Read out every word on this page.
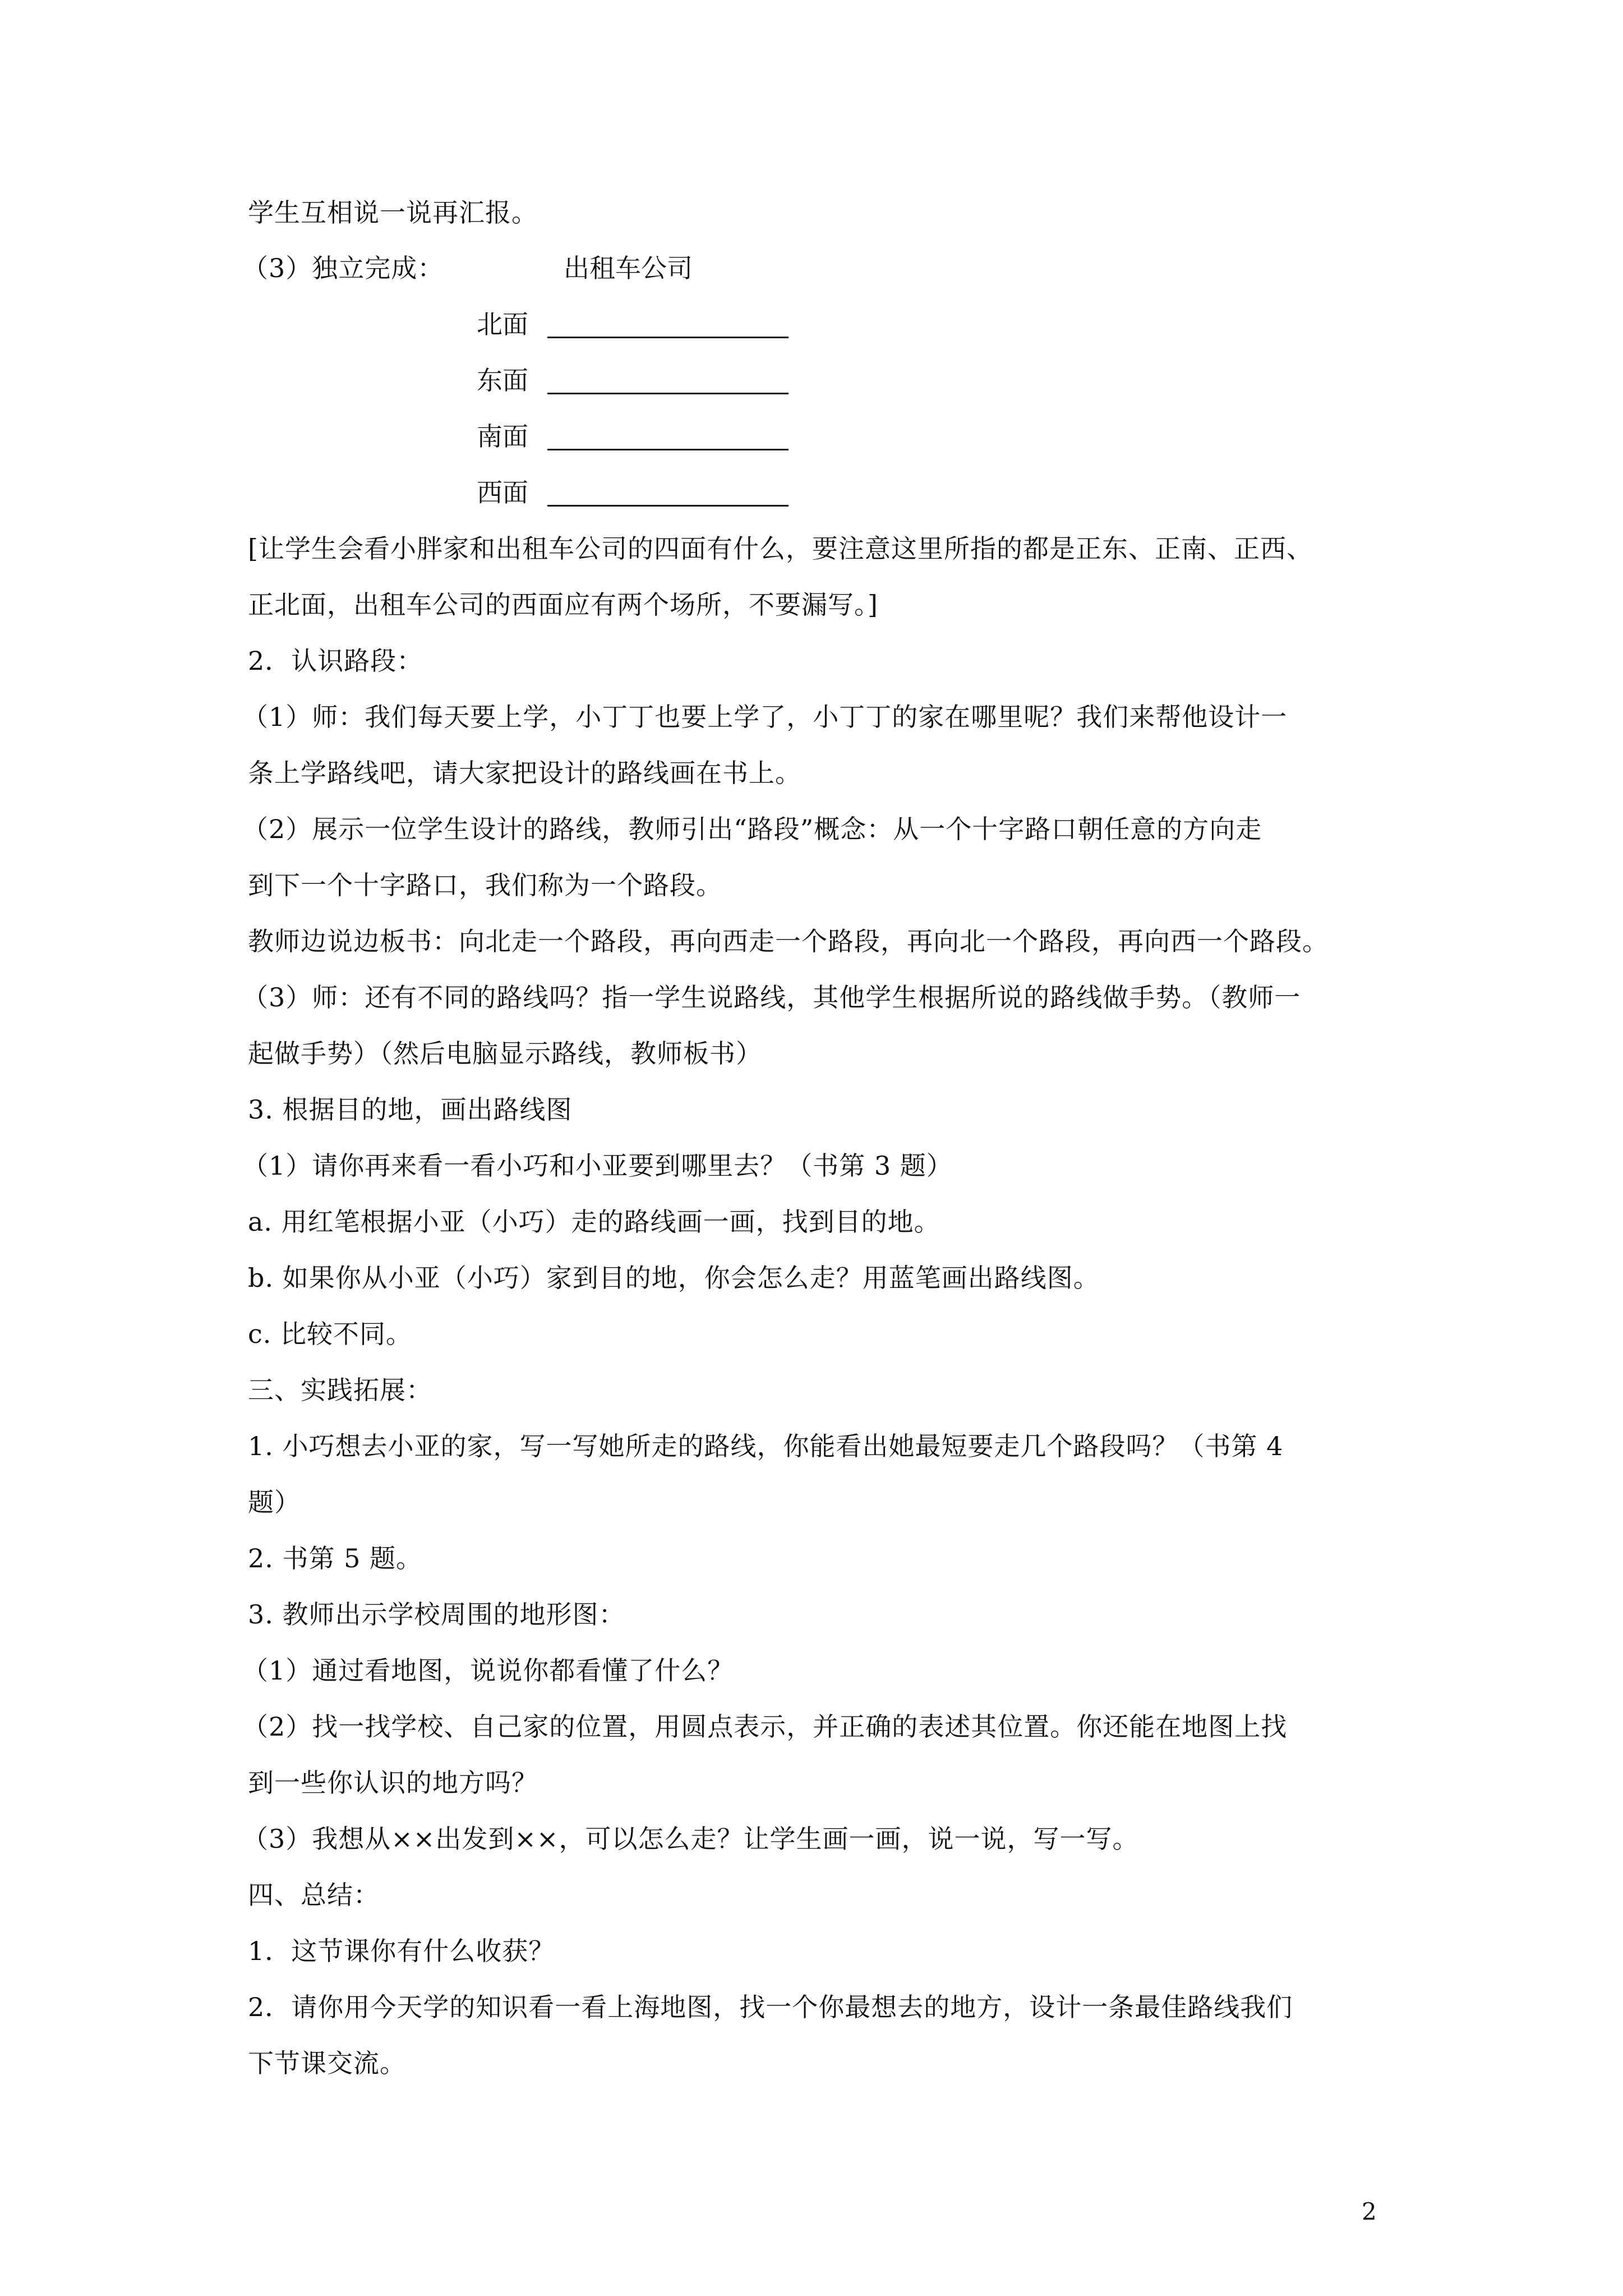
学生互相说一说再汇报。
（3）独立完成：	出租车公司
北面
东面
南面
西面
[让学生会看小胖家和出租车公司的四面有什么，要注意这里所指的都是正东、正南、正西、
正北面，出租车公司的西面应有两个场所，不要漏写。]
2．认识路段：
（1）师：我们每天要上学，小丁丁也要上学了，小丁丁的家在哪里呢？我们来帮他设计一
条上学路线吧，请大家把设计的路线画在书上。
（2）展示一位学生设计的路线，教师引出“路段”概念：从一个十字路口朝任意的方向走
到下一个十字路口，我们称为一个路段。
教师边说边板书：向北走一个路段，再向西走一个路段，再向北一个路段，再向西一个路段。
（3）师：还有不同的路线吗？指一学生说路线，其他学生根据所说的路线做手势。（教师一
起做手势）（然后电脑显示路线，教师板书）
3. 根据目的地，画出路线图
（1）请你再来看一看小巧和小亚要到哪里去？（书第 3 题）
a. 用红笔根据小亚（小巧）走的路线画一画，找到目的地。
b. 如果你从小亚（小巧）家到目的地，你会怎么走？用蓝笔画出路线图。
c. 比较不同。
三、实践拓展：
1. 小巧想去小亚的家，写一写她所走的路线，你能看出她最短要走几个路段吗？（书第 4
题）
2. 书第 5 题。
3. 教师出示学校周围的地形图：
（1）通过看地图，说说你都看懂了什么？
（2）找一找学校、自己家的位置，用圆点表示，并正确的表述其位置。你还能在地图上找
到一些你认识的地方吗？
（3）我想从××出发到××，可以怎么走？让学生画一画，说一说，写一写。
四、总结：
1．这节课你有什么收获？
2．请你用今天学的知识看一看上海地图，找一个你最想去的地方，设计一条最佳路线我们
下节课交流。
2
